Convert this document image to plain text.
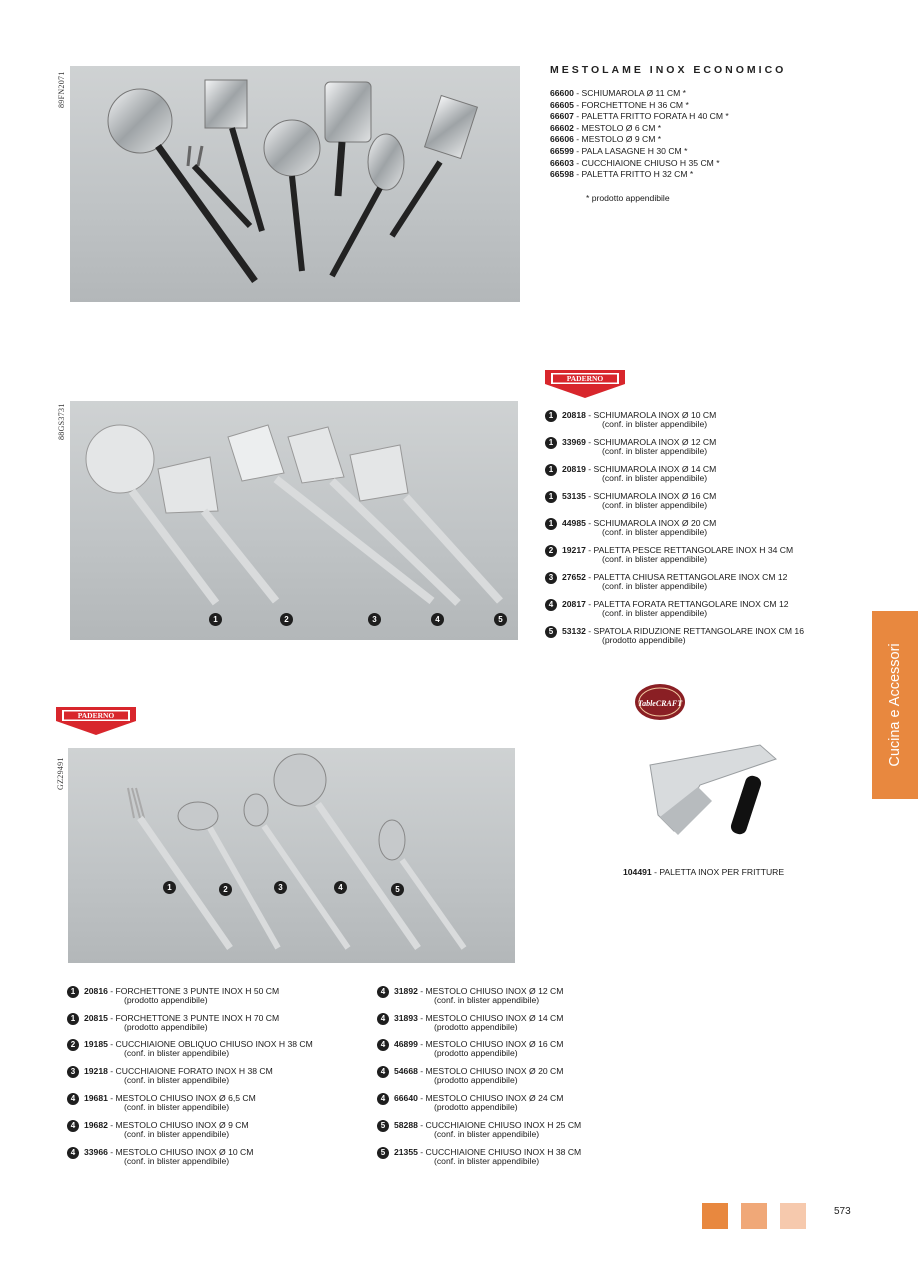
89FN2071
MESTOLAME INOX ECONOMICO
66600 - SCHIUMAROLA Ø 11 CM *
66605 - FORCHETTONE H 36 CM *
66607 - PALETTA FRITTO FORATA H 40 CM *
66602 - MESTOLO Ø 6 CM *
66606 - MESTOLO Ø 9 CM *
66599 - PALA LASAGNE H 30 CM *
66603 - CUCCHIAIONE CHIUSO H 35 CM *
66598 - PALETTA FRITTO H 32 CM *
* prodotto appendibile
PADERNO
88GS3731
1	2	3	4	5
1	20818 - SCHIUMAROLA INOX Ø 10 CM
(conf. in blister appendibile)
1	33969 - SCHIUMAROLA INOX Ø 12 CM
(conf. in blister appendibile)
1	20819 - SCHIUMAROLA INOX Ø 14 CM
(conf. in blister appendibile)
1	53135 - SCHIUMAROLA INOX Ø 16 CM
(conf. in blister appendibile)
1	44985 - SCHIUMAROLA INOX Ø 20 CM
(conf. in blister appendibile)
2	19217 - PALETTA PESCE RETTANGOLARE INOX H 34 CM
(conf. in blister appendibile)
3	27652 - PALETTA CHIUSA RETTANGOLARE INOX CM 12
(conf. in blister appendibile)
4	20817 - PALETTA FORATA RETTANGOLARE INOX CM 12
(conf. in blister appendibile)
5	53132 - SPATOLA RIDUZIONE RETTANGOLARE INOX CM 16
(prodotto appendibile)
TableCRAFT
104491 - PALETTA INOX PER FRITTURE
PADERNO
GZ29491
1	2	3	4	5
1	20816 - FORCHETTONE 3 PUNTE INOX H 50 CM
(prodotto appendibile)
1	20815 - FORCHETTONE 3 PUNTE INOX H 70 CM
(prodotto appendibile)
2	19185 - CUCCHIAIONE OBLIQUO CHIUSO INOX H 38 CM
(conf. in blister appendibile)
3	19218 - CUCCHIAIONE FORATO INOX H 38 CM
(conf. in blister appendibile)
4	19681 - MESTOLO CHIUSO INOX Ø 6,5 CM
(conf. in blister appendibile)
4	19682 - MESTOLO CHIUSO INOX Ø 9 CM
(conf. in blister appendibile)
4	33966 - MESTOLO CHIUSO INOX Ø 10 CM
(conf. in blister appendibile)
4	31892 - MESTOLO CHIUSO INOX Ø 12 CM
(conf. in blister appendibile)
4	31893 - MESTOLO CHIUSO INOX Ø 14 CM
(prodotto appendibile)
4	46899 - MESTOLO CHIUSO INOX Ø 16 CM
(prodotto appendibile)
4	54668 - MESTOLO CHIUSO INOX Ø 20 CM
(prodotto appendibile)
4	66640 - MESTOLO CHIUSO INOX Ø 24 CM
(prodotto appendibile)
5	58288 - CUCCHIAIONE CHIUSO INOX H 25 CM
(conf. in blister appendibile)
5	21355 - CUCCHIAIONE CHIUSO INOX H 38 CM
(conf. in blister appendibile)
Cucina e Accessori
573
